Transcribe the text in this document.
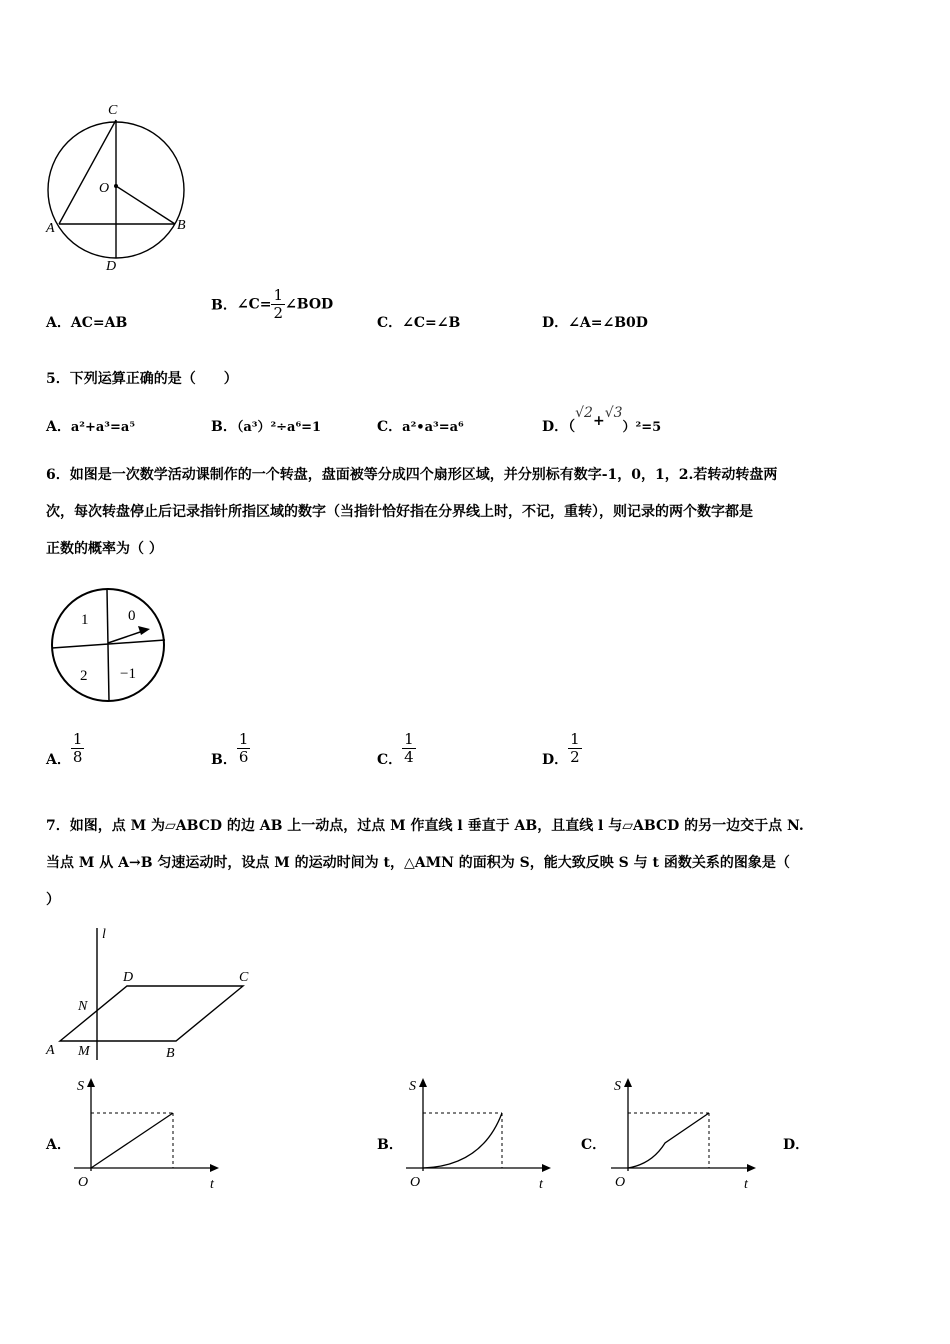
C
O
A	B
D
A．AC=AB
B．∠C= $\frac{1}{2}$ ∠BOD
C．∠C=∠B	D．∠A=∠B0D
5．下列运算正确的是（　　）
A．a²+a³=a⁵	B．（a³）²÷a⁶=1	C．a²•a³=a⁶	D．（√2+√3）²=5
6．如图是一次数学活动课制作的一个转盘，盘面被等分成四个扇形区域，并分别标有数字-1，0，1，2.若转动转盘两
次，每次转盘停止后记录指针所指区域的数字（当指针恰好指在分界线上时，不记，重转），则记录的两个数字都是
正数的概率为（ ）
1	0
2 −1
A． $\frac{1}{8}$	B． $\frac{1}{6}$	C． $\frac{1}{4}$	D． $\frac{1}{2}$
7．如图，点 M 为▱ABCD 的边 AB 上一动点，过点 M 作直线 l 垂直于 AB，且直线 l 与▱ABCD 的另一边交于点 N.
当点 M 从 A→B 匀速运动时，设点 M 的运动时间为 t，△AMN 的面积为 S，能大致反映 S 与 t 函数关系的图象是（
）
l
D	C
N
A M	B
A．
S
O	t
B．
S
O	t
C．
S
O	t
D．
